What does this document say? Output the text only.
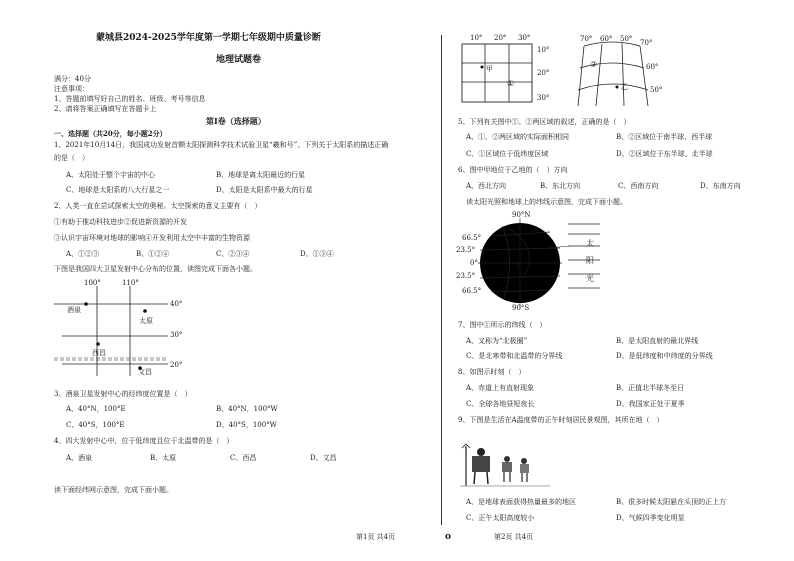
蒙城县2024-2025学年度第一学期七年级期中质量诊断
地理试题卷
满分：40分
注意事项：
1、答题前填写好自己的姓名、班级、考号等信息
2、请将答案正确填写在答题卡上
第Ⅰ卷（选择题）
一、选择题（共20分，每小题2分）
1、2021年10月14日，我国成功发射首颗太阳探测科学技术试验卫星“羲和号”。下列关于太阳系的描述正确
的是（　）
A、太阳处于整个宇宙的中心	B、地球是离太阳最近的行星
C、地球是太阳系的八大行星之一	D、太阳是太阳系中最大的行星
2、人类一直在尝试探索太空的奥秘。太空探索的意义主要有（　）
①有助于推动科技进步②促进新资源的开发
③认识宇宙环境对地球的影响④开发利用太空中丰富的生物资源
A、①②③	B、①②④	C、②③④	D、①③④
下图是我国四大卫星发射中心分布的位置，读图完成下面各小题。
100°	110°
40°
30°
20°
酒泉
太原
西昌
文昌
3、酒泉卫星发射中心的经纬度位置是（　）
A、40°N，100°E	B、40°N，100°W
C、40°S，100°E	D、40°S，100°W
4、四大发射中心中，位于低纬度且位于北温带的是（　）
A、酒泉	B、太原	C、西昌	D、文昌
读下面经纬网示意图，完成下面小题。
第1页 共4页	o
10° 20° 30°
10°
20°
30°
甲
①
70° 60° 50° 70°
60°
50°
②
乙
5、下列有关图中①、②两区域的叙述，正确的是（　）
A、①、②两区域的实际面积相同	B、②区域位于南半球、西半球
C、①区域位于低纬度区域	D、②区域位于东半球、北半球
6、图中甲地位于乙地的（　）方向
A、西北方向	B、东北方向	C、西南方向	D、东南方向
读太阳光照和地球上的纬线示意图，完成下面小题。
90°N
90°S
66.5°
23.5°
0°
23.5°
66.5°
太
阳
光
①
7、图中①所示的纬线（　）
A、又称为“北极圈”	B、是太阳直射的最北界线
C、是北寒带和北温带的分界线	D、是低纬度和中纬度的分界线
8、如图示时刻（　）
A、赤道上有直射现象	B、正值北半球冬至日
C、全球各地昼短夜长	D、我国家正处于夏季
9、下图是生活在A温度带的正午时刻居民景观图，其所在地（　）
A、是地球表面获得热量最多的地区	B、很多时候太阳悬在头顶的正上方
C、正午太阳高度较小	D、气候四季变化明显
第2页 共4页
